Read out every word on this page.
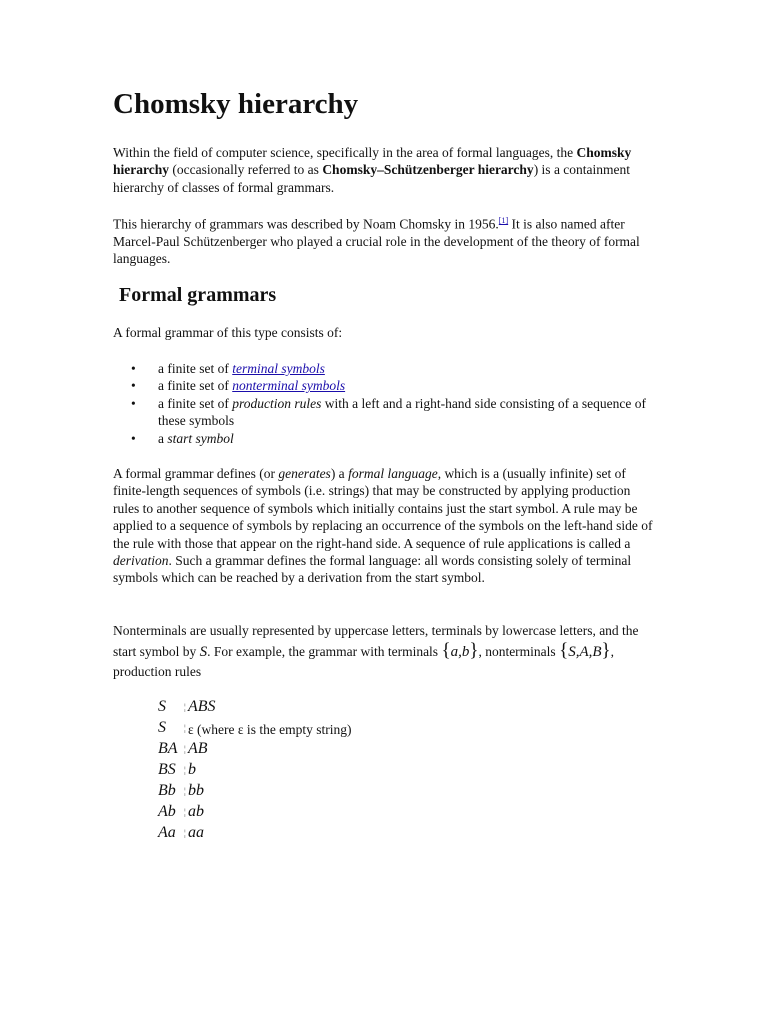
Chomsky hierarchy

Within the field of computer science, specifically in the area of formal languages, the Chomsky hierarchy (occasionally referred to as Chomsky–Schützenberger hierarchy) is a containment hierarchy of classes of formal grammars.

This hierarchy of grammars was described by Noam Chomsky in 1956.[1] It is also named after Marcel-Paul Schützenberger who played a crucial role in the development of the theory of formal languages.

Formal grammars

A formal grammar of this type consists of:

• a finite set of terminal symbols
• a finite set of nonterminal symbols
• a finite set of production rules with a left and a right-hand side consisting of a sequence of these symbols
• a start symbol

A formal grammar defines (or generates) a formal language, which is a (usually infinite) set of finite-length sequences of symbols (i.e. strings) that may be constructed by applying production rules to another sequence of symbols which initially contains just the start symbol. A rule may be applied to a sequence of symbols by replacing an occurrence of the symbols on the left-hand side of the rule with those that appear on the right-hand side. A sequence of rule applications is called a derivation. Such a grammar defines the formal language: all words consisting solely of terminal symbols which can be reached by a derivation from the start symbol.

Nonterminals are usually represented by uppercase letters, terminals by lowercase letters, and the start symbol by S. For example, the grammar with terminals {a,b}, nonterminals {S,A,B}, production rules

S ¦ ABS
S ¦ ε (where ε is the empty string)
BA ¦ AB
BS ¦ b
Bb ¦ bb
Ab ¦ ab
Aa ¦ aa
